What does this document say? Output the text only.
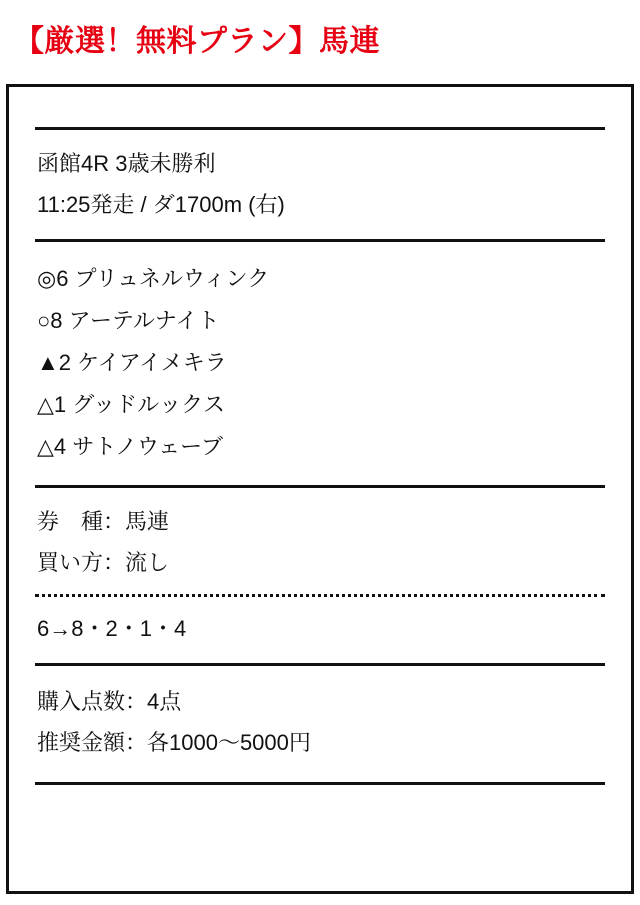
【厳選！無料プラン】馬連
函館4R 3歳未勝利
11:25発走 / ダ1700m (右)
◎6 プリュネルウィンク
○8 アーテルナイト
▲2 ケイアイメキラ
△1 グッドルックス
△4 サトノウェーブ
券　種：馬連
買い方：流し
6→8・2・1・4
購入点数：4点
推奨金額：各1000〜5000円
